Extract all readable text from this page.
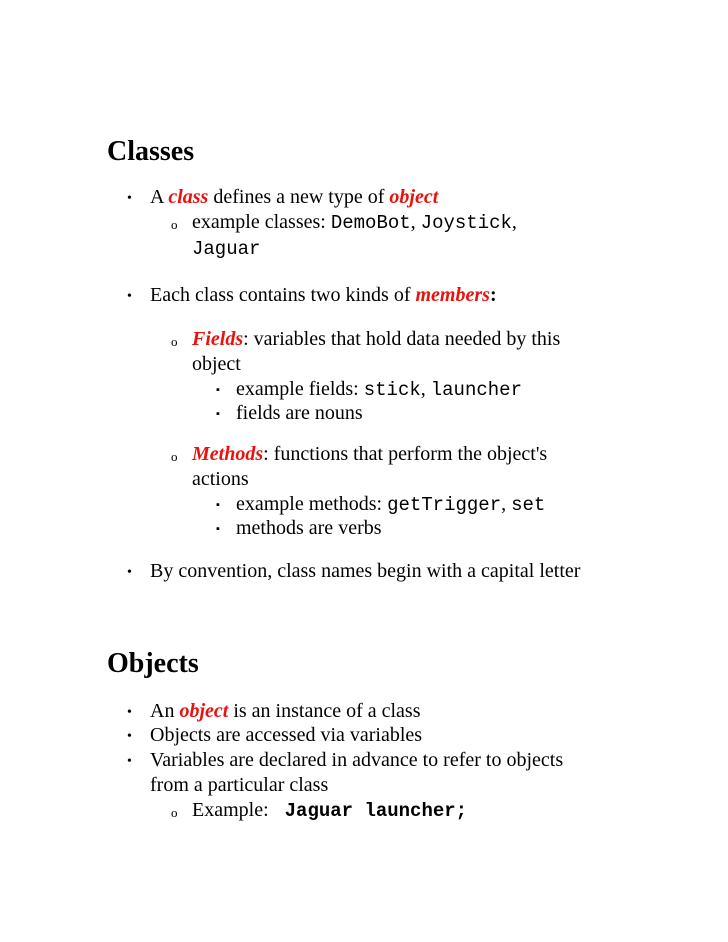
Classes
• A class defines a new type of object
o example classes: DemoBot, Joystick,
Jaguar
• Each class contains two kinds of members:
o Fields: variables that hold data needed by this
object
▪ example fields: stick, launcher
▪ fields are nouns
o Methods: functions that perform the object's
actions
▪ example methods: getTrigger, set
▪ methods are verbs
• By convention, class names begin with a capital letter
Objects
• An object is an instance of a class
• Objects are accessed via variables
• Variables are declared in advance to refer to objects
from a particular class
o Example: Jaguar launcher;
